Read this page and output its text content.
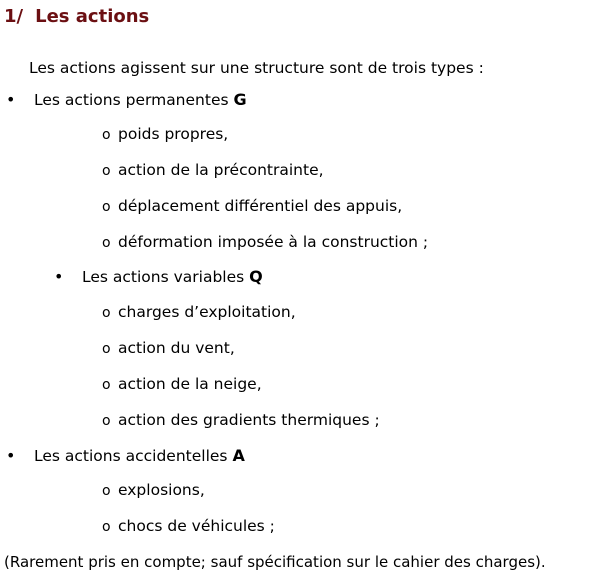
1/ Les actions
Les actions agissent sur une structure sont de trois types :
• Les actions permanentes G
o poids propres,
o action de la précontrainte,
o déplacement différentiel des appuis,
o déformation imposée à la construction ;
• Les actions variables Q
o charges d’exploitation,
o action du vent,
o action de la neige,
o action des gradients thermiques ;
• Les actions accidentelles A
o explosions,
o chocs de véhicules ;
(Rarement pris en compte; sauf spécification sur le cahier des charges).
